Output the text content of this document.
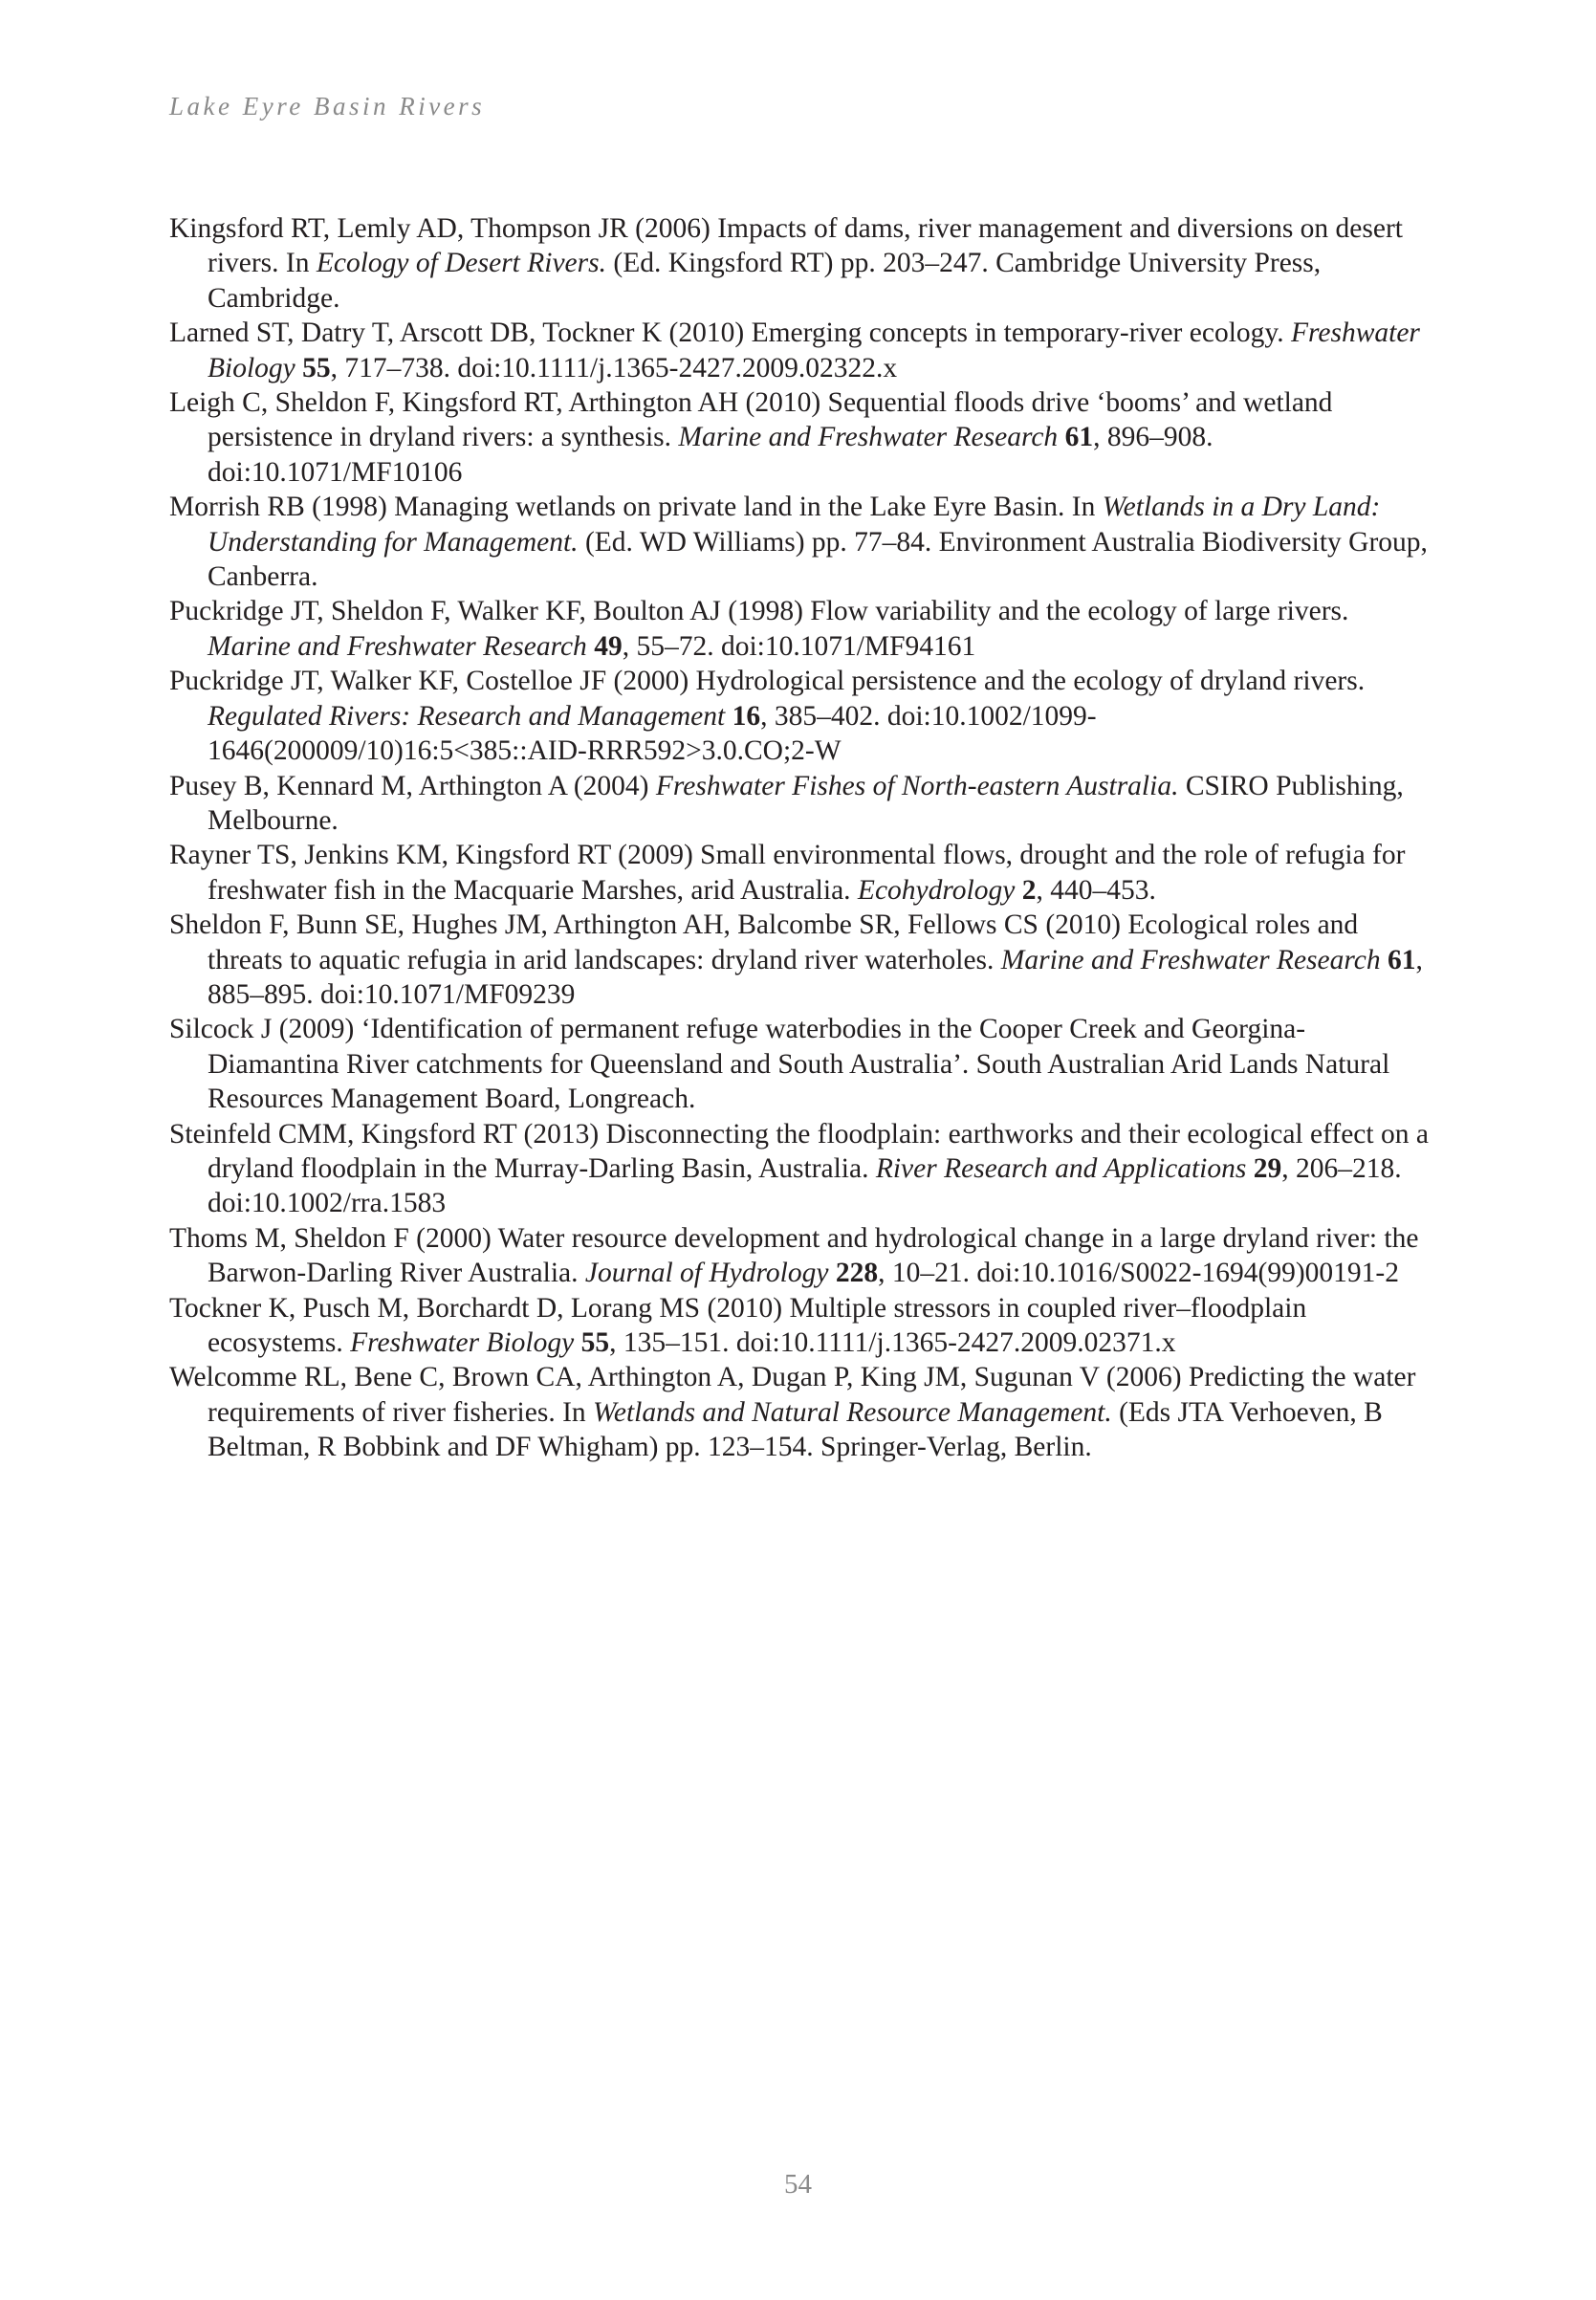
Lake Eyre Basin Rivers
Kingsford RT, Lemly AD, Thompson JR (2006) Impacts of dams, river management and diversions on desert rivers. In Ecology of Desert Rivers. (Ed. Kingsford RT) pp. 203–247. Cambridge University Press, Cambridge.
Larned ST, Datry T, Arscott DB, Tockner K (2010) Emerging concepts in temporary-river ecology. Freshwater Biology 55, 717–738. doi:10.1111/j.1365-2427.2009.02322.x
Leigh C, Sheldon F, Kingsford RT, Arthington AH (2010) Sequential floods drive ‘booms’ and wetland persistence in dryland rivers: a synthesis. Marine and Freshwater Research 61, 896–908. doi:10.1071/MF10106
Morrish RB (1998) Managing wetlands on private land in the Lake Eyre Basin. In Wetlands in a Dry Land: Understanding for Management. (Ed. WD Williams) pp. 77–84. Environment Australia Biodiversity Group, Canberra.
Puckridge JT, Sheldon F, Walker KF, Boulton AJ (1998) Flow variability and the ecology of large rivers. Marine and Freshwater Research 49, 55–72. doi:10.1071/MF94161
Puckridge JT, Walker KF, Costelloe JF (2000) Hydrological persistence and the ecology of dryland rivers. Regulated Rivers: Research and Management 16, 385–402. doi:10.1002/1099-1646(200009/10)16:5<385::AID-RRR592>3.0.CO;2-W
Pusey B, Kennard M, Arthington A (2004) Freshwater Fishes of North-eastern Australia. CSIRO Publishing, Melbourne.
Rayner TS, Jenkins KM, Kingsford RT (2009) Small environmental flows, drought and the role of refugia for freshwater fish in the Macquarie Marshes, arid Australia. Ecohydrology 2, 440–453.
Sheldon F, Bunn SE, Hughes JM, Arthington AH, Balcombe SR, Fellows CS (2010) Ecological roles and threats to aquatic refugia in arid landscapes: dryland river waterholes. Marine and Freshwater Research 61, 885–895. doi:10.1071/MF09239
Silcock J (2009) ‘Identification of permanent refuge waterbodies in the Cooper Creek and Georgina-Diamantina River catchments for Queensland and South Australia’. South Australian Arid Lands Natural Resources Management Board, Longreach.
Steinfeld CMM, Kingsford RT (2013) Disconnecting the floodplain: earthworks and their ecological effect on a dryland floodplain in the Murray-Darling Basin, Australia. River Research and Applications 29, 206–218. doi:10.1002/rra.1583
Thoms M, Sheldon F (2000) Water resource development and hydrological change in a large dryland river: the Barwon-Darling River Australia. Journal of Hydrology 228, 10–21. doi:10.1016/S0022-1694(99)00191-2
Tockner K, Pusch M, Borchardt D, Lorang MS (2010) Multiple stressors in coupled river–floodplain ecosystems. Freshwater Biology 55, 135–151. doi:10.1111/j.1365-2427.2009.02371.x
Welcomme RL, Bene C, Brown CA, Arthington A, Dugan P, King JM, Sugunan V (2006) Predicting the water requirements of river fisheries. In Wetlands and Natural Resource Management. (Eds JTA Verhoeven, B Beltman, R Bobbink and DF Whigham) pp. 123–154. Springer-Verlag, Berlin.
54
